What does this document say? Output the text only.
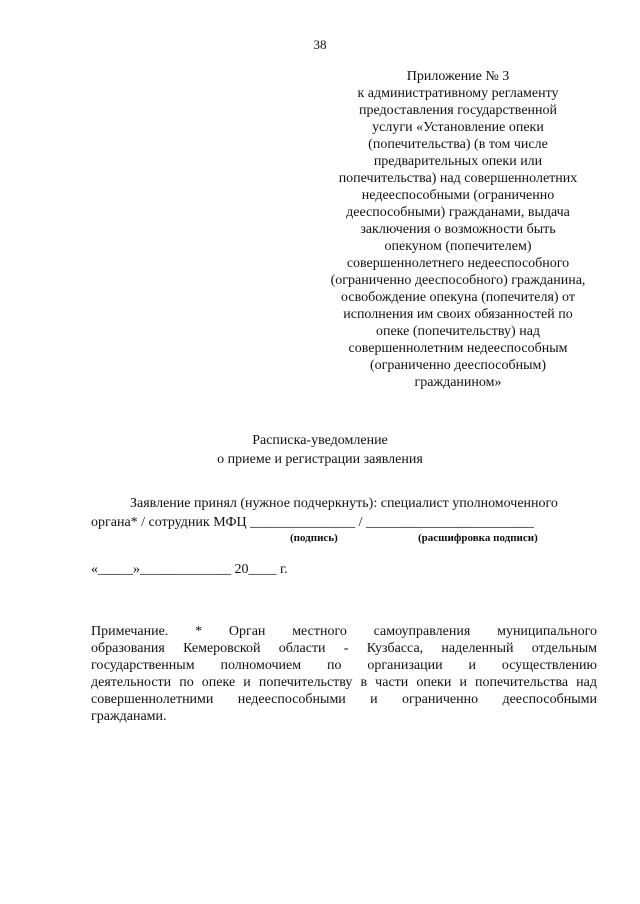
38
Приложение № 3
к административному регламенту
предоставления государственной
услуги «Установление опеки
(попечительства) (в том числе
предварительных опеки или
попечительства) над совершеннолетних
недееспособными (ограниченно
дееспособными) гражданами, выдача
заключения о возможности быть
опекуном (попечителем)
совершеннолетнего недееспособного
(ограниченно дееспособного) гражданина,
освобождение опекуна (попечителя) от
исполнения им своих обязанностей по
опеке (попечительству) над
совершеннолетним недееспособным
(ограниченно дееспособным)
гражданином»
Расписка-уведомление
о приеме и регистрации заявления
Заявление принял (нужное подчеркнуть): специалист уполномоченного
органа* / сотрудник МФЦ _______________ / ________________________
(подпись)	(расшифровка подписи)
«_____»_____________ 20____ г.
Примечание. * Орган местного самоуправления муниципального
образования Кемеровской области - Кузбасса, наделенный отдельным
государственным полномочием по организации и осуществлению
деятельности по опеке и попечительству в части опеки и попечительства над
совершеннолетними недееспособными и ограниченно дееспособными
гражданами.
